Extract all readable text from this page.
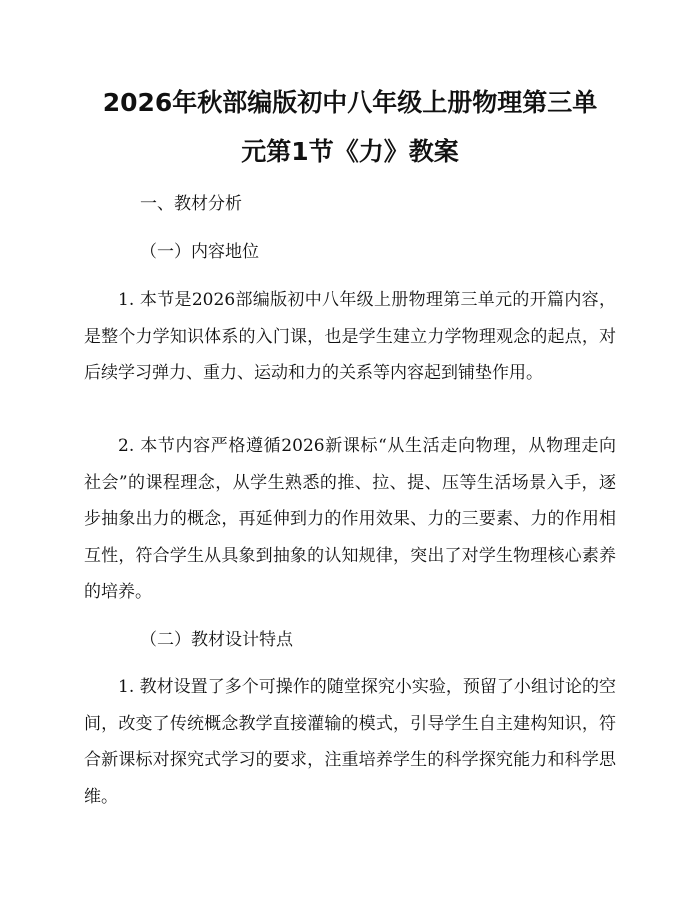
2026年秋部编版初中八年级上册物理第三单
元第1节《力》教案
一、教材分析
（一）内容地位

1. 本节是2026部编版初中八年级上册物理第三单元的开篇内容，是整个力学知识体系的入门课，也是学生建立力学物理观念的起点，对后续学习弹力、重力、运动和力的关系等内容起到铺垫作用。

2. 本节内容严格遵循2026新课标“从生活走向物理，从物理走向社会”的课程理念，从学生熟悉的推、拉、提、压等生活场景入手，逐步抽象出力的概念，再延伸到力的作用效果、力的三要素、力的作用相互性，符合学生从具象到抽象的认知规律，突出了对学生物理核心素养的培养。

（二）教材设计特点

1. 教材设置了多个可操作的随堂探究小实验，预留了小组讨论的空间，改变了传统概念教学直接灌输的模式，引导学生自主建构知识，符合新课标对探究式学习的要求，注重培养学生的科学探究能力和科学思维。
